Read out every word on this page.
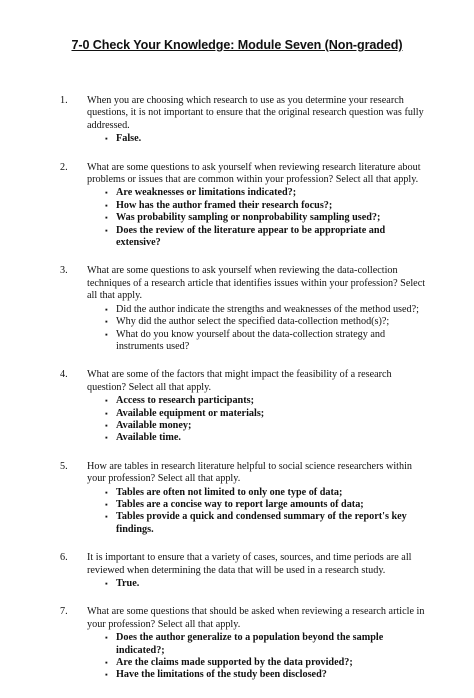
7-0 Check Your Knowledge: Module Seven (Non-graded)
1. When you are choosing which research to use as you determine your research questions, it is not important to ensure that the original research question was fully addressed.
▪ False.
2. What are some questions to ask yourself when reviewing research literature about problems or issues that are common within your profession? Select all that apply.
▪ Are weaknesses or limitations indicated?;
▪ How has the author framed their research focus?;
▪ Was probability sampling or nonprobability sampling used?;
▪ Does the review of the literature appear to be appropriate and extensive?
3. What are some questions to ask yourself when reviewing the data-collection techniques of a research article that identifies issues within your profession? Select all that apply.
▪ Did the author indicate the strengths and weaknesses of the method used?;
▪ Why did the author select the specified data-collection method(s)?;
▪ What do you know yourself about the data-collection strategy and instruments used?
4. What are some of the factors that might impact the feasibility of a research question? Select all that apply.
▪ Access to research participants;
▪ Available equipment or materials;
▪ Available money;
▪ Available time.
5. How are tables in research literature helpful to social science researchers within your profession? Select all that apply.
▪ Tables are often not limited to only one type of data;
▪ Tables are a concise way to report large amounts of data;
▪ Tables provide a quick and condensed summary of the report's key findings.
6. It is important to ensure that a variety of cases, sources, and time periods are all reviewed when determining the data that will be used in a research study.
▪ True.
7. What are some questions that should be asked when reviewing a research article in your profession? Select all that apply.
▪ Does the author generalize to a population beyond the sample indicated?;
▪ Are the claims made supported by the data provided?;
▪ Have the limitations of the study been disclosed?
